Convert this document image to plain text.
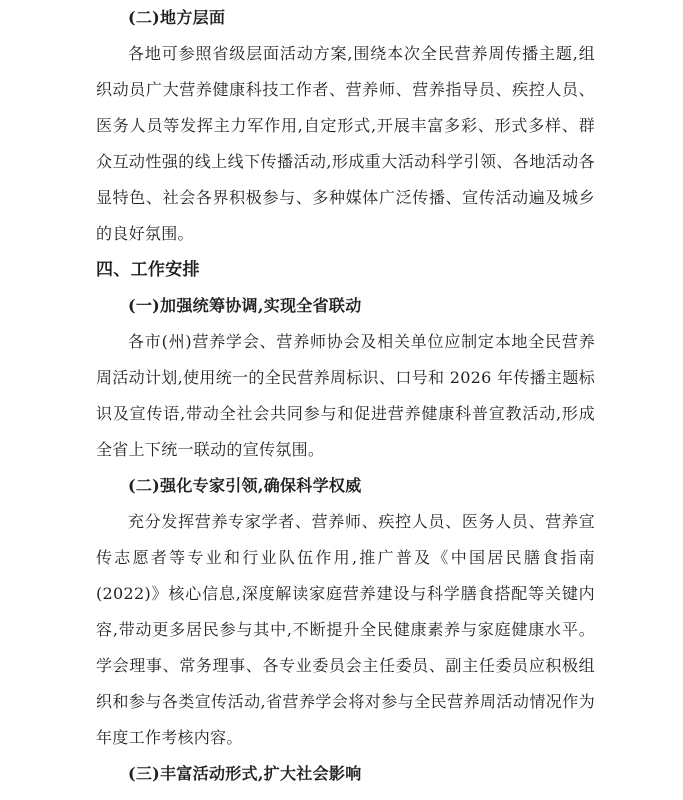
(二)地方层面

各地可参照省级层面活动方案,围绕本次全民营养周传播主题,组织动员广大营养健康科技工作者、营养师、营养指导员、疾控人员、医务人员等发挥主力军作用,自定形式,开展丰富多彩、形式多样、群众互动性强的线上线下传播活动,形成重大活动科学引领、各地活动各显特色、社会各界积极参与、多种媒体广泛传播、宣传活动遍及城乡的良好氛围。

四、工作安排
(一)加强统筹协调,实现全省联动

各市(州)营养学会、营养师协会及相关单位应制定本地全民营养周活动计划,使用统一的全民营养周标识、口号和 2026 年传播主题标识及宣传语,带动全社会共同参与和促进营养健康科普宣教活动,形成全省上下统一联动的宣传氛围。

(二)强化专家引领,确保科学权威

充分发挥营养专家学者、营养师、疾控人员、医务人员、营养宣传志愿者等专业和行业队伍作用,推广普及《中国居民膳食指南(2022)》核心信息,深度解读家庭营养建设与科学膳食搭配等关键内容,带动更多居民参与其中,不断提升全民健康素养与家庭健康水平。学会理事、常务理事、各专业委员会主任委员、副主任委员应积极组织和参与各类宣传活动,省营养学会将对参与全民营养周活动情况作为年度工作考核内容。

(三)丰富活动形式,扩大社会影响
